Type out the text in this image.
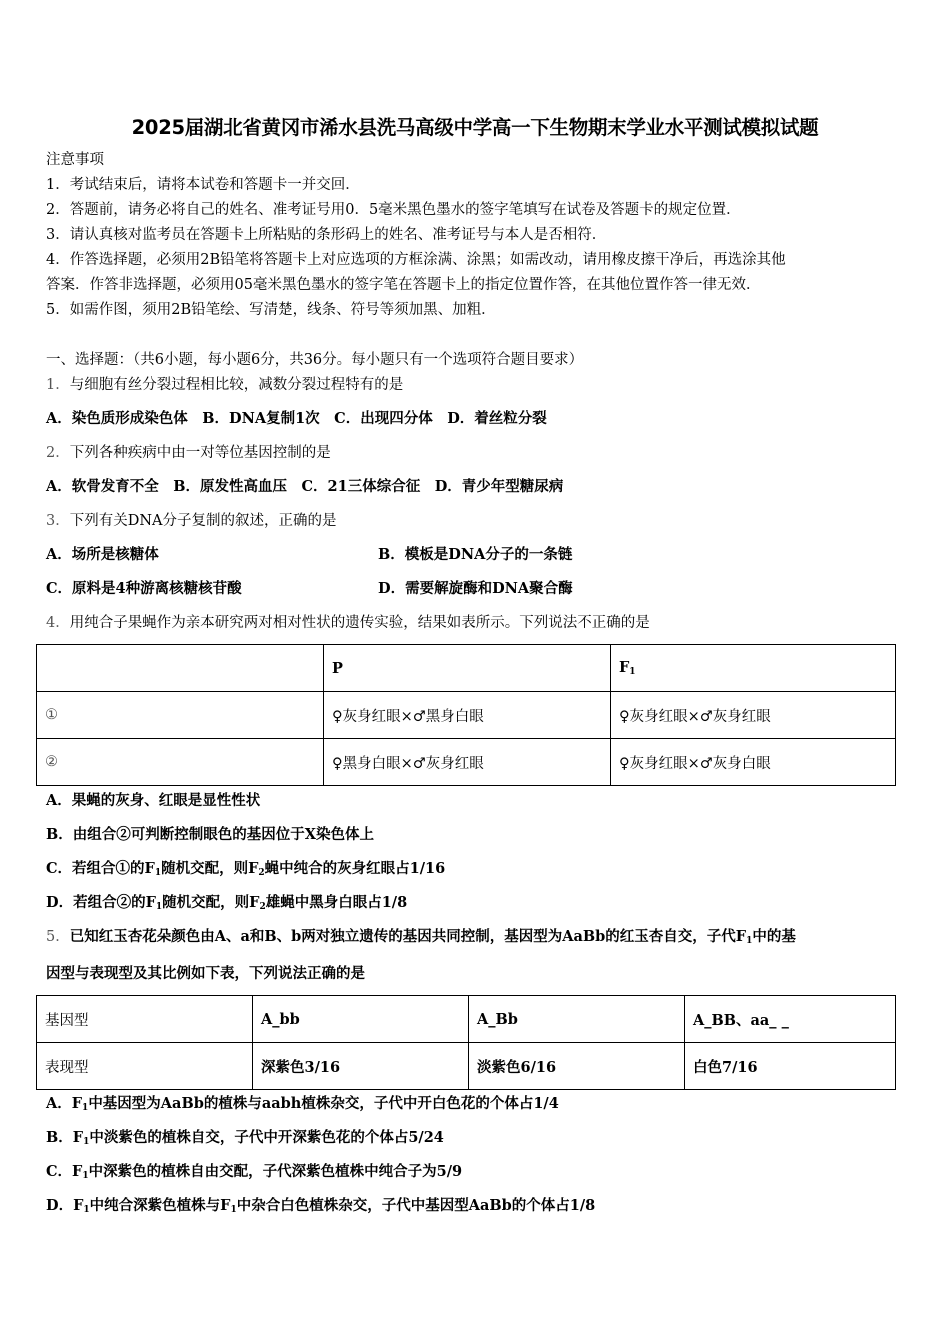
2025届湖北省黄冈市浠水县洗马高级中学高一下生物期末学业水平测试模拟试题
注意事项
1．考试结束后，请将本试卷和答题卡一并交回．
2．答题前，请务必将自己的姓名、准考证号用0．5毫米黑色墨水的签字笔填写在试卷及答题卡的规定位置．
3．请认真核对监考员在答题卡上所粘贴的条形码上的姓名、准考证号与本人是否相符．
4．作答选择题，必须用2B铅笔将答题卡上对应选项的方框涂满、涂黑；如需改动，请用橡皮擦干净后，再选涂其他
答案．作答非选择题，必须用05毫米黑色墨水的签字笔在答题卡上的指定位置作答，在其他位置作答一律无效．
5．如需作图，须用2B铅笔绘、写清楚，线条、符号等须加黑、加粗．
一、选择题：（共6小题，每小题6分，共36分。每小题只有一个选项符合题目要求）
1．与细胞有丝分裂过程相比较，减数分裂过程特有的是
A．染色质形成染色体　B．DNA复制1次　C．出现四分体　D．着丝粒分裂
2．下列各种疾病中由一对等位基因控制的是
A．软骨发育不全　B．原发性高血压　C．21三体综合征　D．青少年型糖尿病
3．下列有关DNA分子复制的叙述，正确的是
A．场所是核糖体	B．模板是DNA分子的一条链
C．原料是4种游离核糖核苷酸	D．需要解旋酶和DNA聚合酶
4．用纯合子果蝇作为亲本研究两对相对性状的遗传实验，结果如表所示。下列说法不正确的是
	P	$F_1$
①	♀灰身红眼×♂黑身白眼	♀灰身红眼×♂灰身红眼
②	♀黑身白眼×♂灰身红眼	♀灰身红眼×♂灰身白眼
A．果蝇的灰身、红眼是显性性状
B．由组合②可判断控制眼色的基因位于X染色体上
C．若组合①的$F_1$随机交配，则$F_2$蝇中纯合的灰身红眼占1/16
D．若组合②的$F_1$随机交配，则$F_2$雄蝇中黑身白眼占1/8
5．已知红玉杏花朵颜色由A、a和B、b两对独立遗传的基因共同控制，基因型为AaBb的红玉杏自交，子代$F_1$中的基
因型与表现型及其比例如下表，下列说法正确的是
基因型	A_bb	A_Bb	A_BB、aa_ _
表现型	深紫色3/16	淡紫色6/16	白色7/16
A．$F_1$中基因型为AaBb的植株与aabh植株杂交，子代中开白色花的个体占1/4
B．$F_1$中淡紫色的植株自交，子代中开深紫色花的个体占5/24
C．$F_1$中深紫色的植株自由交配，子代深紫色植株中纯合子为5/9
D．$F_1$中纯合深紫色植株与$F_1$中杂合白色植株杂交，子代中基因型AaBb的个体占1/8
